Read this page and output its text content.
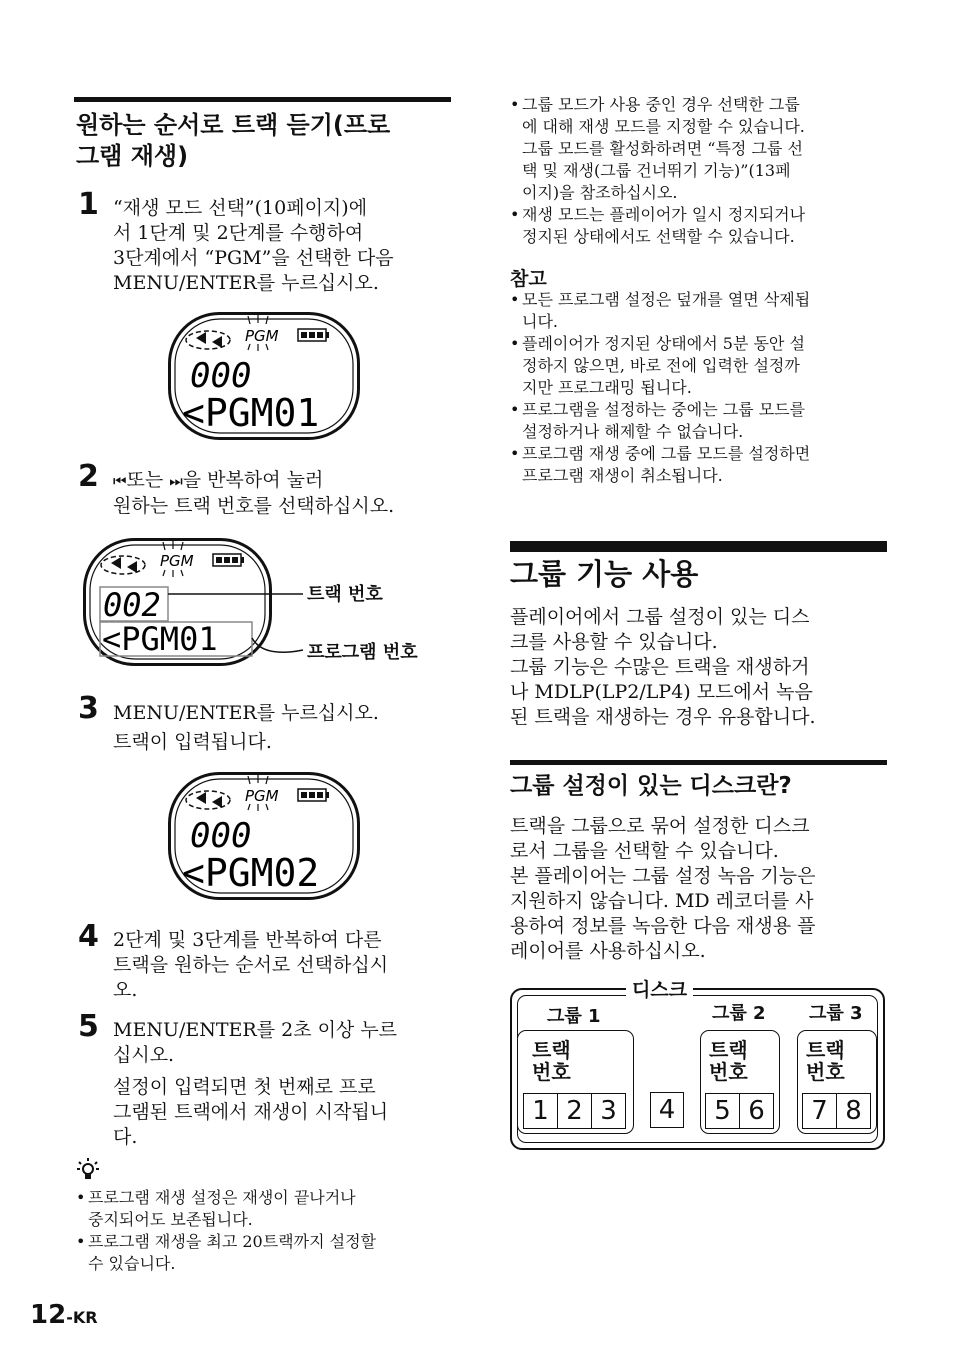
원하는 순서로 트랙 듣기(프로
그램 재생)
1 “재생 모드 선택”(10페이지)에
서 1단계 및 2단계를 수행하여
3단계에서 “PGM”을 선택한 다음
MENU/ENTER를 누르십시오.
PGM
000
<PGM01
2 ⏮또는 ⏭을 반복하여 눌러
원하는 트랙 번호를 선택하십시오.
PGM
002
<PGM01
트랙 번호
프로그램 번호
3 MENU/ENTER를 누르십시오.
트랙이 입력됩니다.
PGM
000
<PGM02
4 2단계 및 3단계를 반복하여 다른
트랙을 원하는 순서로 선택하십시
오.
5 MENU/ENTER를 2초 이상 누르
십시오.
설정이 입력되면 첫 번째로 프로
그램된 트랙에서 재생이 시작됩니
다.
• 프로그램 재생 설정은 재생이 끝나거나
중지되어도 보존됩니다.
• 프로그램 재생을 최고 20트랙까지 설정할
수 있습니다.
12-KR
• 그룹 모드가 사용 중인 경우 선택한 그룹
에 대해 재생 모드를 지정할 수 있습니다.
그룹 모드를 활성화하려면 “특정 그룹 선
택 및 재생(그룹 건너뛰기 기능)”(13페
이지)을 참조하십시오.
• 재생 모드는 플레이어가 일시 정지되거나
정지된 상태에서도 선택할 수 있습니다.
참고
• 모든 프로그램 설정은 덮개를 열면 삭제됩
니다.
• 플레이어가 정지된 상태에서 5분 동안 설
정하지 않으면, 바로 전에 입력한 설정까
지만 프로그래밍 됩니다.
• 프로그램을 설정하는 중에는 그룹 모드를
설정하거나 해제할 수 없습니다.
• 프로그램 재생 중에 그룹 모드를 설정하면
프로그램 재생이 취소됩니다.
그룹 기능 사용
플레이어에서 그룹 설정이 있는 디스
크를 사용할 수 있습니다.
그룹 기능은 수많은 트랙을 재생하거
나 MDLP(LP2/LP4) 모드에서 녹음
된 트랙을 재생하는 경우 유용합니다.
그룹 설정이 있는 디스크란?
트랙을 그룹으로 묶어 설정한 디스크
로서 그룹을 선택할 수 있습니다.
본 플레이어는 그룹 설정 녹음 기능은
지원하지 않습니다. MD 레코더를 사
용하여 정보를 녹음한 다음 재생용 플
레이어를 사용하십시오.
디스크
그룹 1	그룹 2 그룹 3
트랙
번호
1 2 3	4
트랙
번호
5 6
트랙
번호
7 8
